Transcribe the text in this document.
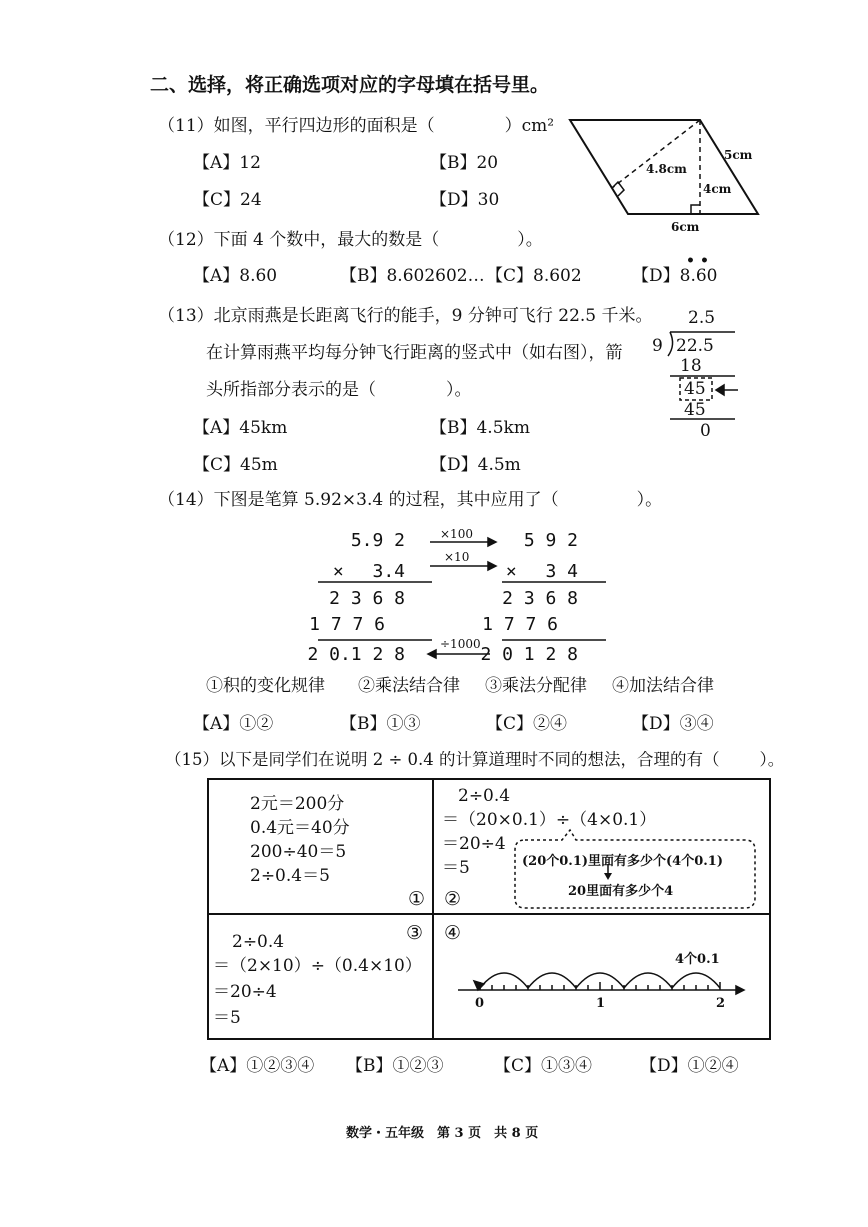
二、选择，将正确选项对应的字母填在括号里。
（11）如图，平行四边形的面积是（	）cm²
【A】12	【B】20
【C】24	【D】30
5cm
4.8cm
4cm
6cm
（12）下面 4 个数中，最大的数是（	）。
【A】8.60	【B】8.602602… 【C】8.602	【D】8.60
••
（13）北京雨燕是长距离飞行的能手，9 分钟可飞行 22.5 千米。
在计算雨燕平均每分钟飞行距离的竖式中（如右图），箭
头所指部分表示的是（	）。
【A】45km	【B】4.5km
【C】45m	【D】4.5m
2.5
9 22.5
18
45
45
0
（14）下图是笔算 5.92×3.4 的过程，其中应用了（	）。
5.9 2
×　 3.4
2 3 6 8
1 7 7 6
2 0.1 2 8
5 9 2
×　 3 4
2 3 6 8
1 7 7 6
2 0 1 2 8
×100
×10
÷1000
①积的变化规律 ②乘法结合律 ③乘法分配律 ④加法结合律
【A】①②	【B】①③	【C】②④	【D】③④
（15）以下是同学们在说明 2 ÷ 0.4 的计算道理时不同的想法，合理的有（ ）。
2元＝200分
0.4元＝40分
200÷40＝5
2÷0.4＝5
①
2÷0.4
＝（20×0.1）÷（4×0.1）
＝20÷4
＝5
②
(20个0.1)里面有多少个(4个0.1)
20里面有多少个4
2÷0.4
＝（2×10）÷（0.4×10）
＝20÷4
＝5
③ ④
4个0.1
0	1	2
【A】①②③④ 【B】①②③	【C】①③④	【D】①②④
数学・五年级　第 3 页　共 8 页
